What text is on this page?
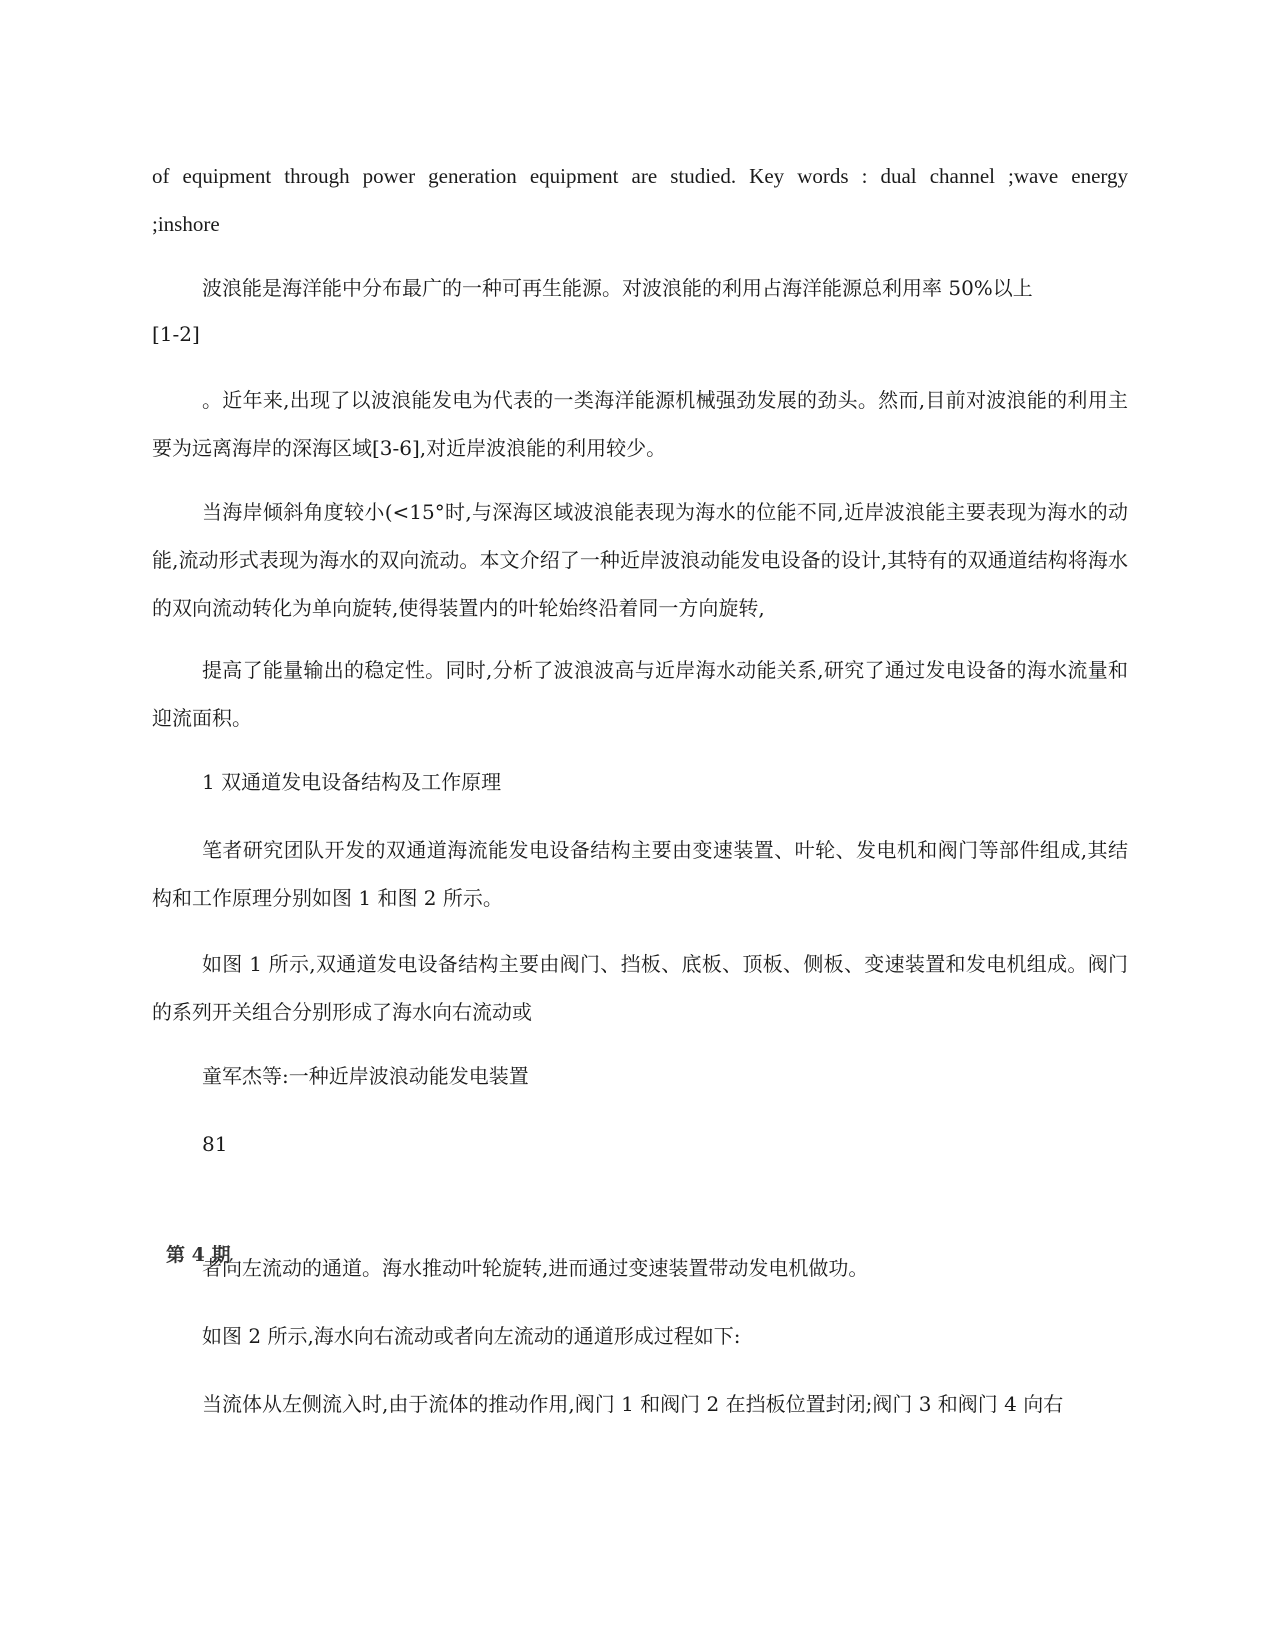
of equipment through power generation equipment are studied. Key words : dual channel ;wave energy ;inshore

波浪能是海洋能中分布最广的一种可再生能源。对波浪能的利用占海洋能源总利用率 50%以上

[1-2]

。近年来,出现了以波浪能发电为代表的一类海洋能源机械强劲发展的劲头。然而,目前对波浪能的利用主要为远离海岸的深海区域[3-6],对近岸波浪能的利用较少。

当海岸倾斜角度较小(<15°时,与深海区域波浪能表现为海水的位能不同,近岸波浪能主要表现为海水的动能,流动形式表现为海水的双向流动。本文介绍了一种近岸波浪动能发电设备的设计,其特有的双通道结构将海水的双向流动转化为单向旋转,使得装置内的叶轮始终沿着同一方向旋转,

提高了能量输出的稳定性。同时,分析了波浪波高与近岸海水动能关系,研究了通过发电设备的海水流量和迎流面积。

1 双通道发电设备结构及工作原理

笔者研究团队开发的双通道海流能发电设备结构主要由变速装置、叶轮、发电机和阀门等部件组成,其结构和工作原理分别如图 1 和图 2 所示。

如图 1 所示,双通道发电设备结构主要由阀门、挡板、底板、顶板、侧板、变速装置和发电机组成。阀门的系列开关组合分别形成了海水向右流动或

童军杰等:一种近岸波浪动能发电装置

81

第 4 期

者向左流动的通道。海水推动叶轮旋转,进而通过变速装置带动发电机做功。

如图 2 所示,海水向右流动或者向左流动的通道形成过程如下:

当流体从左侧流入时,由于流体的推动作用,阀门 1 和阀门 2 在挡板位置封闭;阀门 3 和阀门 4 向右
